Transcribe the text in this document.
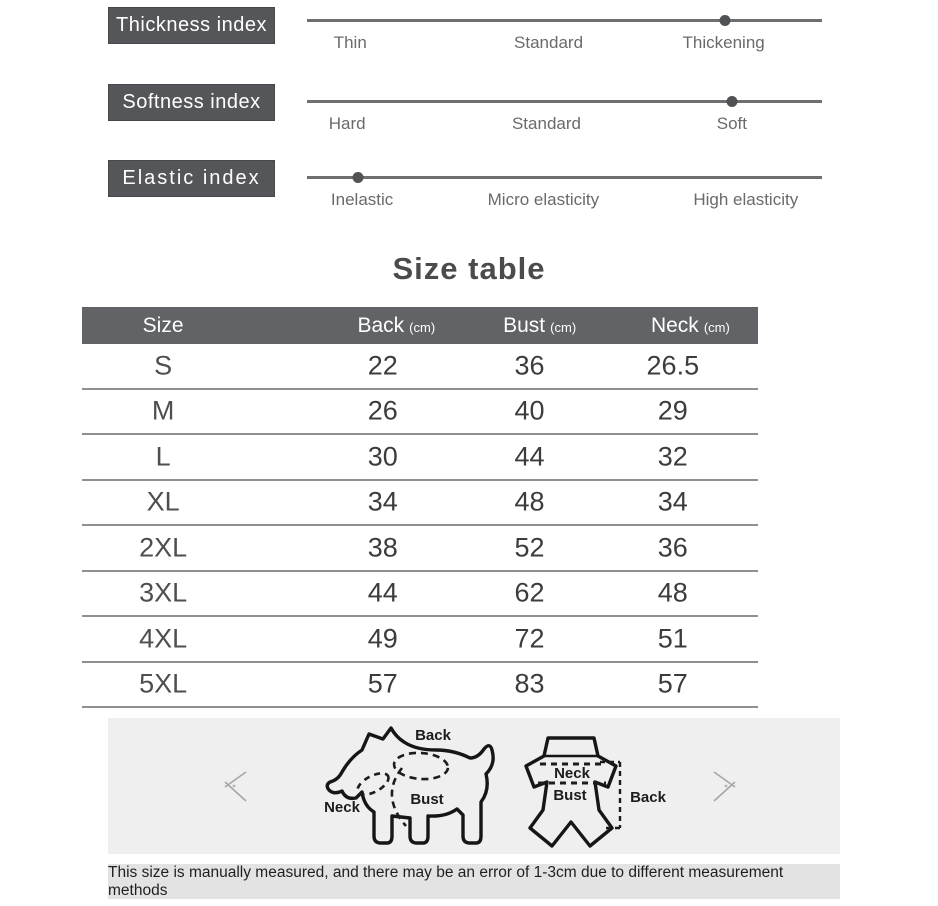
Thickness index
Thin	Standard	Thickening
Softness index
Hard	Standard	Soft
Elastic index
Inelastic	Micro elasticity	High elasticity
Size table
Size	Back (cm)	Bust (cm)	Neck (cm)
S	22	36	26.5
M	26	40	29
L	30	44	32
XL	34	48	34
2XL	38	52	36
3XL	44	62	48
4XL	49	72	51
5XL	57	83	57
Back
Neck	Bust
Neck
Bust	Back
This size is manually measured, and there may be an error of 1-3cm due to different measurement methods
